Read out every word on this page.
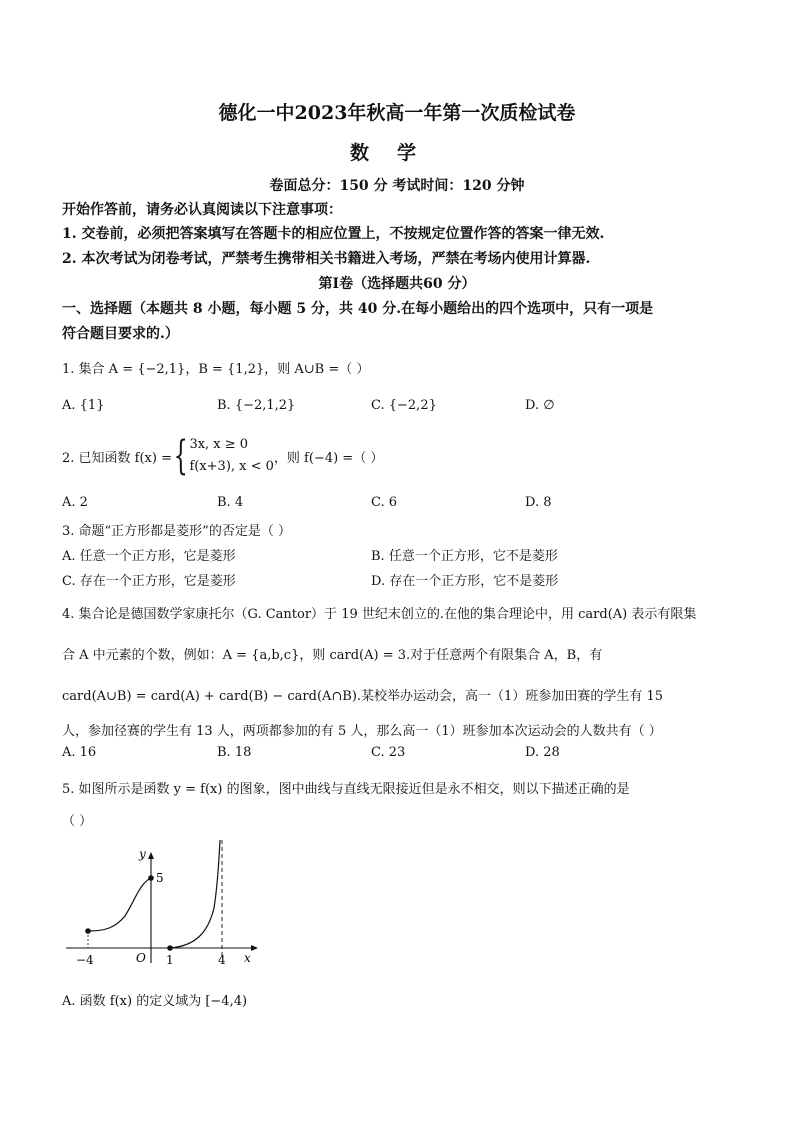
德化一中2023年秋高一年第一次质检试卷
数学
卷面总分：150 分 考试时间：120 分钟
开始作答前，请务必认真阅读以下注意事项：
1. 交卷前，必须把答案填写在答题卡的相应位置上，不按规定位置作答的答案一律无效.
2. 本次考试为闭卷考试，严禁考生携带相关书籍进入考场，严禁在考场内使用计算器.
第Ⅰ卷（选择题共60 分）
一、选择题（本题共 8 小题，每小题 5 分，共 40 分.在每小题给出的四个选项中，只有一项是
符合题目要求的.）
1. 集合 A = {−2,1}，B = {1,2}，则 A∪B =（ ）
A. {1}	B. {−2,1,2}	C. {−2,2}	D. ∅
2. 已知函数 f(x) = { 3x, x ≥ 0
f(x+3), x < 0
，则 f(−4) =（ ）
A. 2	B. 4	C. 6	D. 8
3. 命题“正方形都是菱形”的否定是（ ）
A. 任意一个正方形，它是菱形	B. 任意一个正方形，它不是菱形
C. 存在一个正方形，它是菱形	D. 存在一个正方形，它不是菱形
4. 集合论是德国数学家康托尔（G. Cantor）于 19 世纪末创立的.在他的集合理论中，用 card(A) 表示有限集
合 A 中元素的个数，例如：A = {a,b,c}，则 card(A) = 3.对于任意两个有限集合 A，B，有
card(A∪B) = card(A) + card(B) − card(A∩B).某校举办运动会，高一（1）班参加田赛的学生有 15
人，参加径赛的学生有 13 人，两项都参加的有 5 人，那么高一（1）班参加本次运动会的人数共有（ ）
A. 16	B. 18	C. 23	D. 28
5. 如图所示是函数 y = f(x) 的图象，图中曲线与直线无限接近但是永不相交，则以下描述正确的是
（ ）
y
5
−4	O 1	4 x
A. 函数 f(x) 的定义域为 [−4,4)
